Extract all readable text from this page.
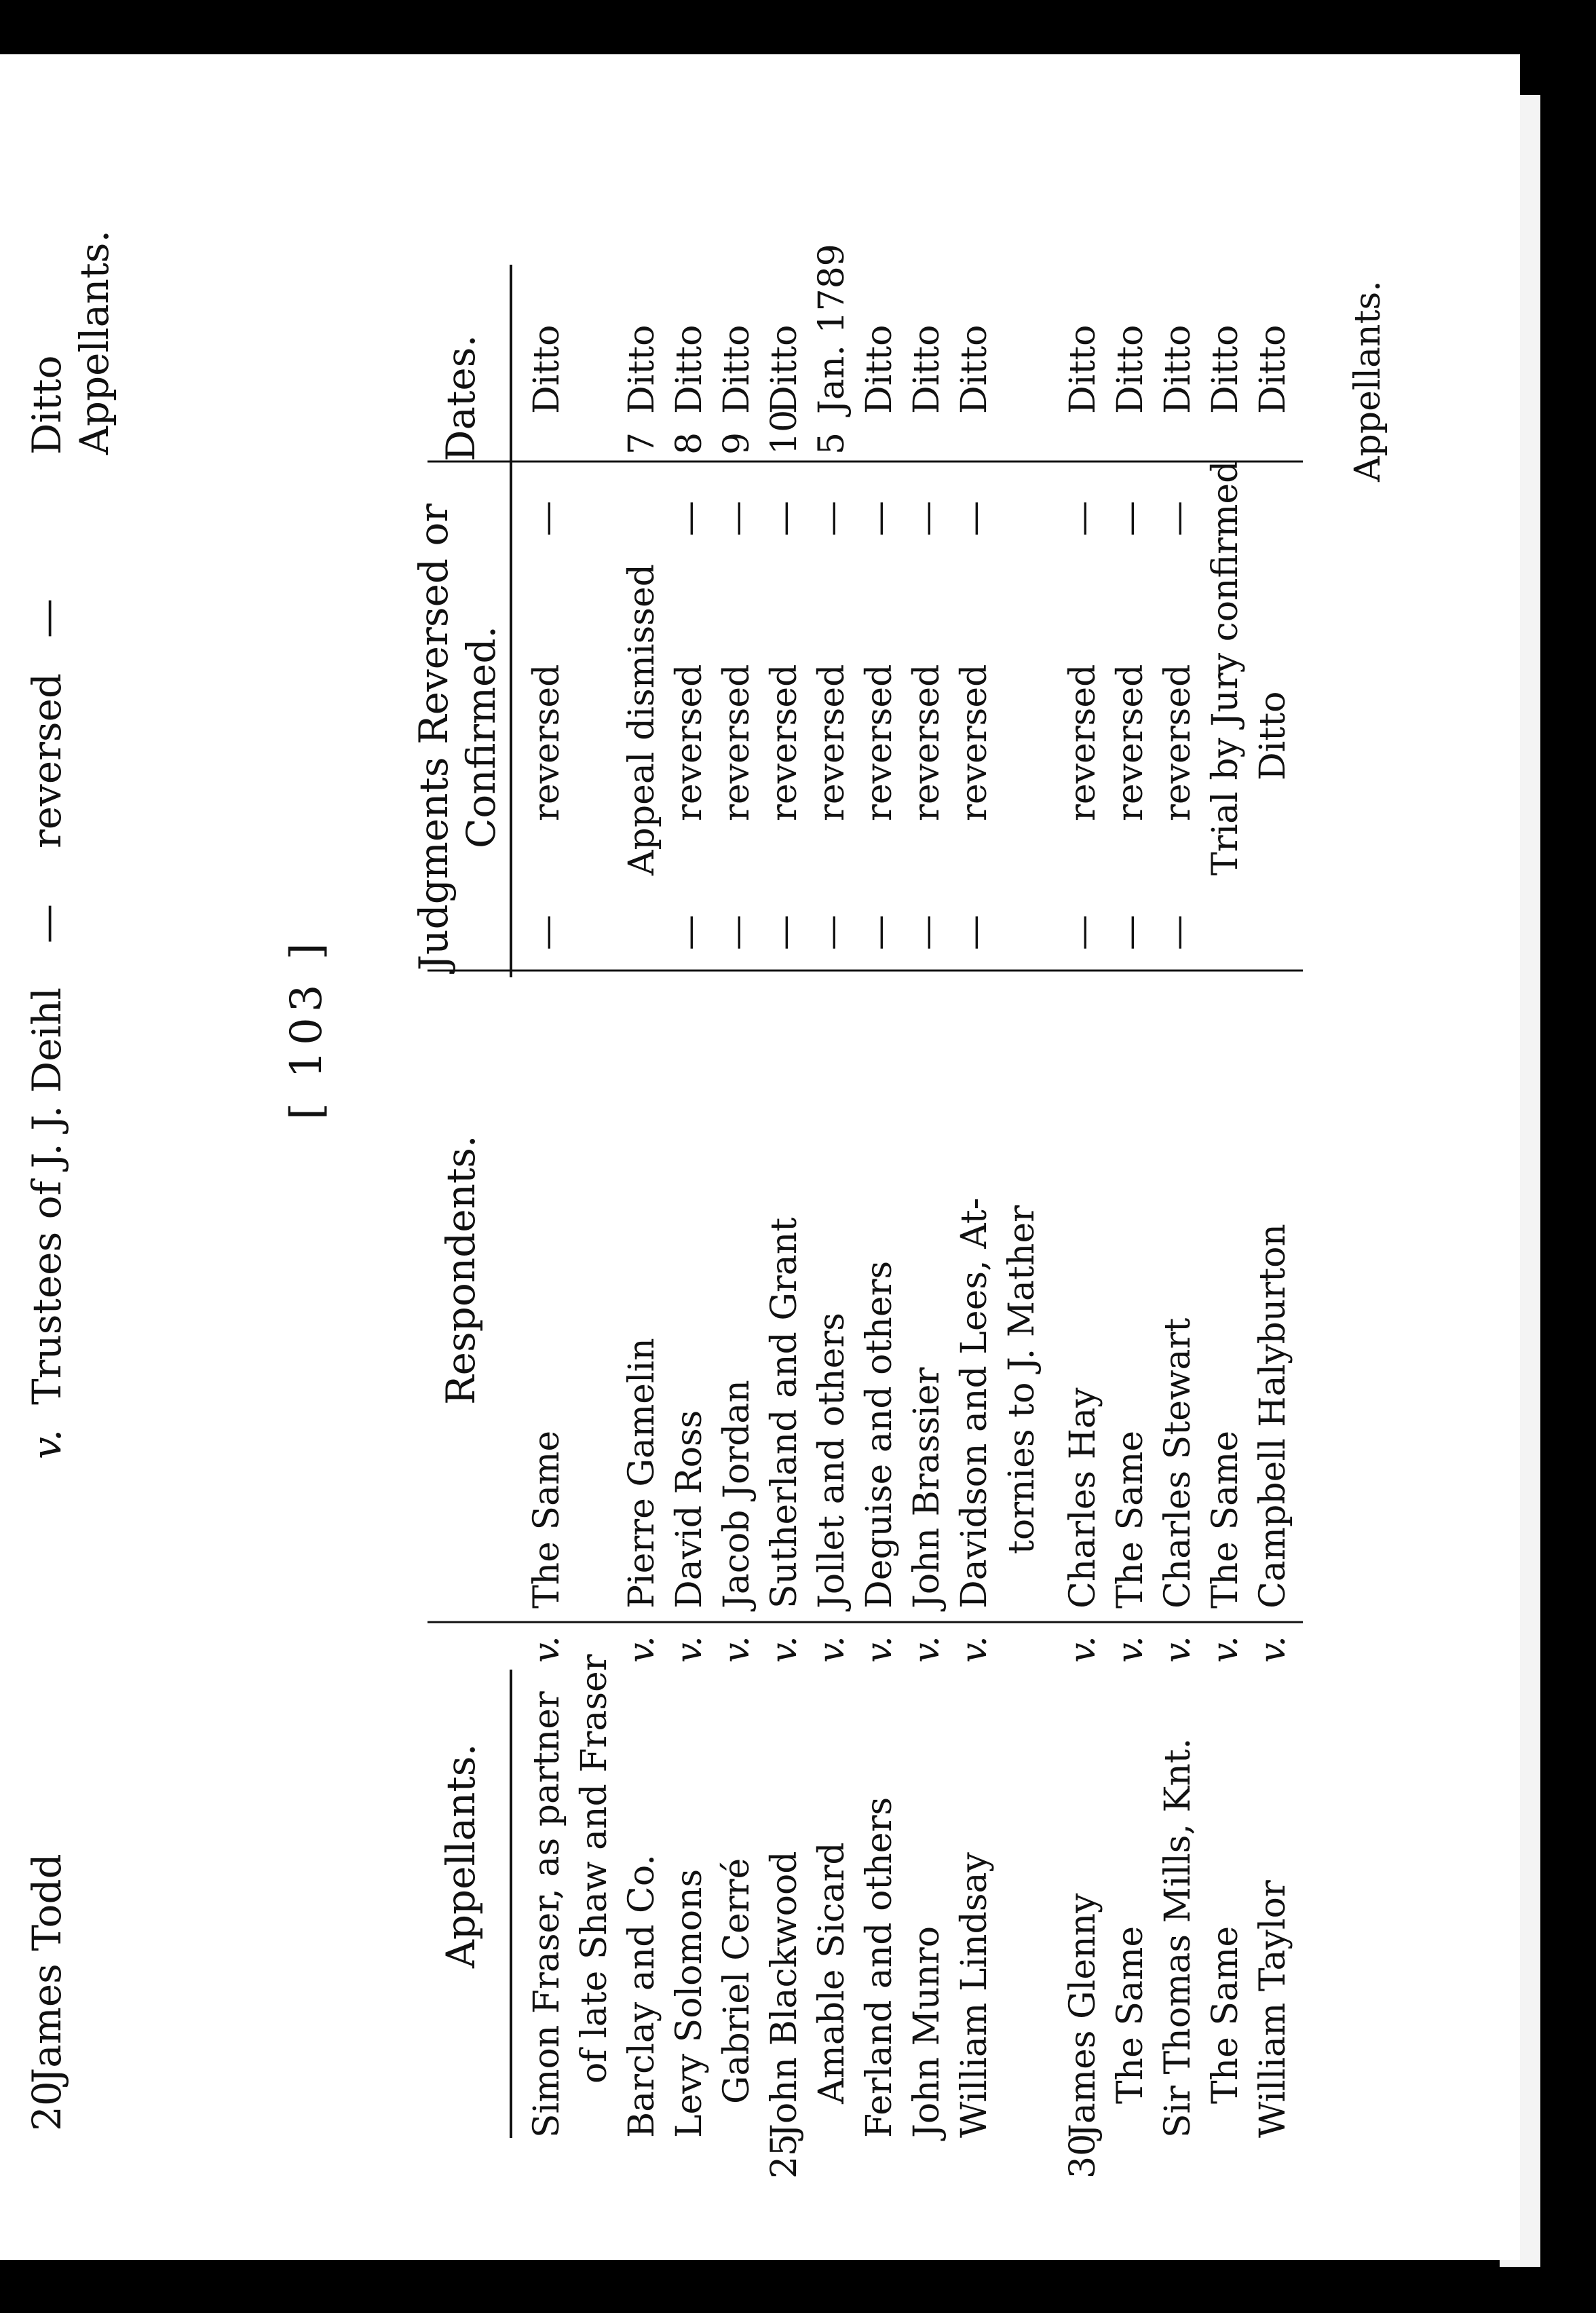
20
James Todd
v.
Trustees of J. J. Deihl
—
reversed
—
Ditto Appellants.
[ 103 ]
Appellants.
Respondents.
Judgments Reversed or Confirmed.
Dates.
Simon Fraser, as partner
v.
The Same
—
reversed
—
Ditto
of late Shaw and Fraser Barclay and Co.
v.
Pierre Gamelin
Appeal dismissed
7
Ditto
Levy Solomons
v.
David Ross
—
reversed
—
8
Ditto
Gabriel Cerré
v.
Jacob Jordan
—
reversed
—
9
Ditto
25
John Blackwood
v.
Sutherland and Grant
—
reversed
—
10
Ditto
Amable Sicard
v.
Jollet and others
—
reversed
—
5
Jan. 1789
Ferland and others
v.
Deguise and others
—
reversed
—
Ditto
John Munro
v.
John Brassier
—
reversed
—
Ditto
William Lindsay
v.
Davidson and Lees, At-
—
reversed
—
Ditto
tornies to J. Mather
30
James Glenny
v.
Charles Hay
—
reversed
—
Ditto
The Same
v.
The Same
—
reversed
—
Ditto
Sir Thomas Mills, Knt.
v.
Charles Stewart
—
reversed
—
Ditto
The Same
v.
The Same
Trial by Jury confirmed
Ditto
William Taylor
v.
Campbell Halyburton
Ditto
Ditto Appellants.
